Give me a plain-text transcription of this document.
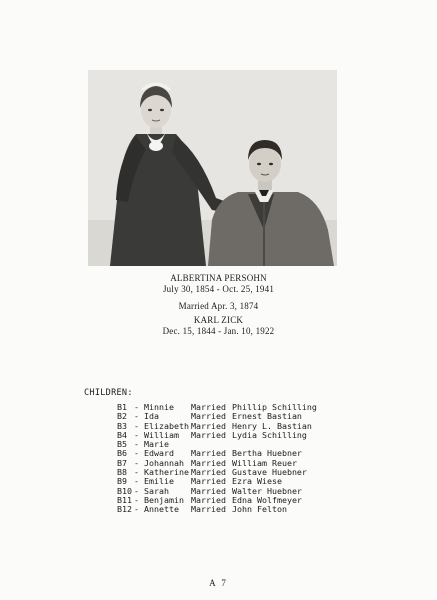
ALBERTINA PERSOHN
July 30, 1854 - Oct. 25, 1941
Married Apr. 3, 1874
KARL ZICK
Dec. 15, 1844 - Jan. 10, 1922
CHILDREN:
B1 - Minnie	Married Phillip Schilling
B2 - Ida	Married Ernest Bastian
B3 - Elizabeth Married Henry L. Bastian
B4 - William	Married Lydia Schilling
B5 - Marie
B6 - Edward	Married Bertha Huebner
B7 - Johannah Married William Reuer
B8 - Katherine Married Gustave Huebner
B9 - Emilie	Married Ezra Wiese
B10 - Sarah	Married Walter Huebner
B11 - Benjamin Married Edna Wolfmeyer
B12 - Annette	Married John Felton
A 7
